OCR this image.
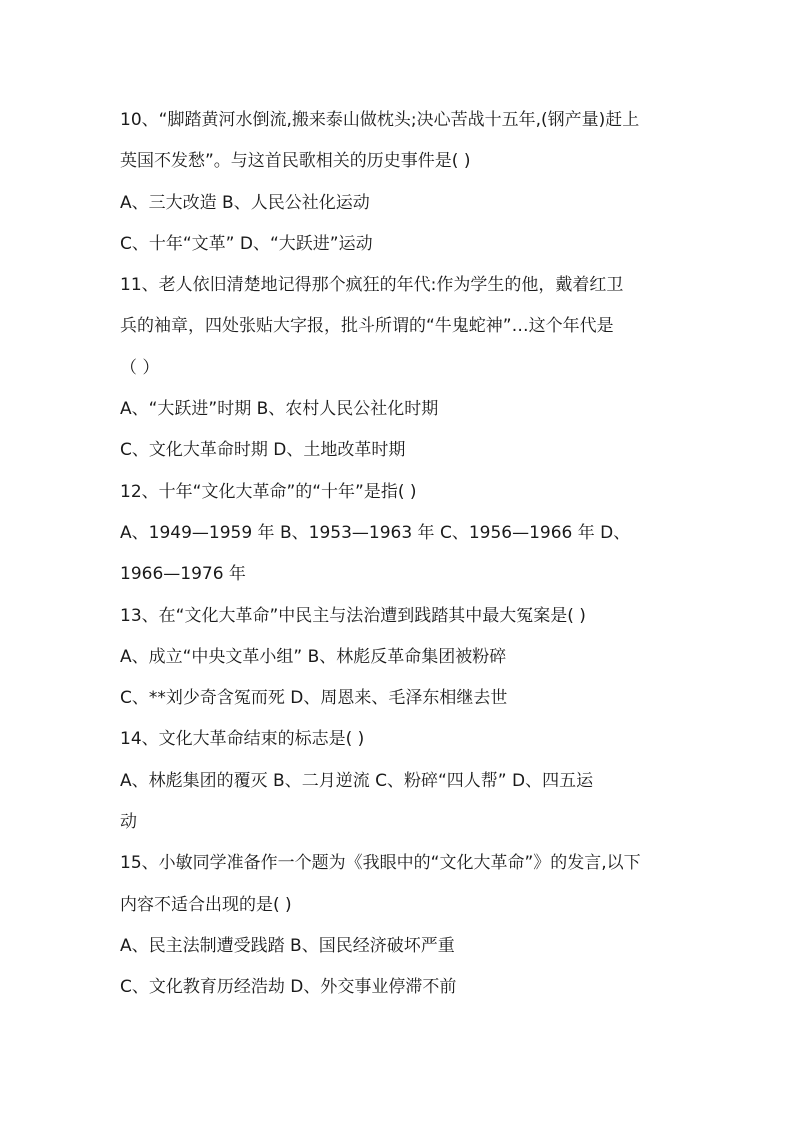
10、“脚踏黄河水倒流,搬来泰山做枕头;决心苦战十五年,(钢产量)赶上
英国不发愁”。与这首民歌相关的历史事件是( )
A、三大改造 B、人民公社化运动
C、十年“文革” D、“大跃进”运动
11、老人依旧清楚地记得那个疯狂的年代:作为学生的他，戴着红卫
兵的袖章，四处张贴大字报，批斗所谓的“牛鬼蛇神”…这个年代是
（ ）
A、“大跃进”时期 B、农村人民公社化时期
C、文化大革命时期 D、土地改革时期
12、十年“文化大革命”的“十年”是指( )
A、1949—1959 年 B、1953—1963 年 C、1956—1966 年 D、
1966—1976 年
13、在“文化大革命”中民主与法治遭到践踏其中最大冤案是( )
A、成立“中央文革小组” B、林彪反革命集团被粉碎
C、**刘少奇含冤而死 D、周恩来、毛泽东相继去世
14、文化大革命结束的标志是( )
A、林彪集团的覆灭 B、二月逆流 C、粉碎“四人帮” D、四五运
动
15、小敏同学准备作一个题为《我眼中的“文化大革命”》的发言,以下
内容不适合出现的是( )
A、民主法制遭受践踏 B、国民经济破坏严重
C、文化教育历经浩劫 D、外交事业停滞不前
